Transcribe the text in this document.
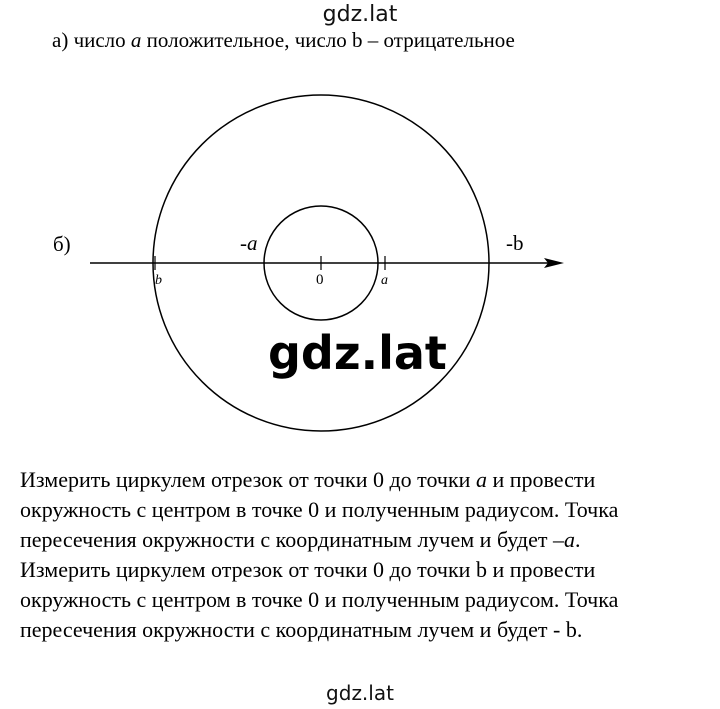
gdz.lat
а) число a положительное, число b – отрицательное
б)
b	0	a
-a	-b
gdz.lat
Измерить циркулем отрезок от точки 0 до точки a и провести
окружность с центром в точке 0 и полученным радиусом. Точка
пересечения окружности с координатным лучем и будет –a.
Измерить циркулем отрезок от точки 0 до точки b и провести
окружность с центром в точке 0 и полученным радиусом. Точка
пересечения окружности с координатным лучем и будет - b.
gdz.lat
